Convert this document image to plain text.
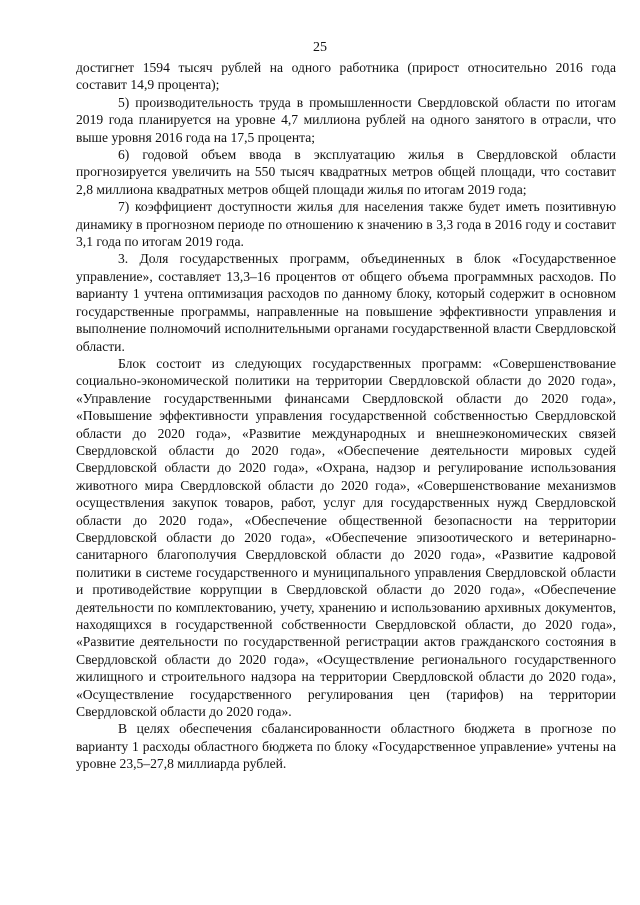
25

достигнет 1594 тысяч рублей на одного работника (прирост относительно 2016 года составит 14,9 процента);

5) производительность труда в промышленности Свердловской области по итогам 2019 года планируется на уровне 4,7 миллиона рублей на одного занятого в отрасли, что выше уровня 2016 года на 17,5 процента;

6) годовой объем ввода в эксплуатацию жилья в Свердловской области прогнозируется увеличить на 550 тысяч квадратных метров общей площади, что составит 2,8 миллиона квадратных метров общей площади жилья по итогам 2019 года;

7) коэффициент доступности жилья для населения также будет иметь позитивную динамику в прогнозном периоде по отношению к значению в 3,3 года в 2016 году и составит 3,1 года по итогам 2019 года.

3. Доля государственных программ, объединенных в блок «Государственное управление», составляет 13,3–16 процентов от общего объема программных расходов. По варианту 1 учтена оптимизация расходов по данному блоку, который содержит в основном государственные программы, направленные на повышение эффективности управления и выполнение полномочий исполнительными органами государственной власти Свердловской области.

Блок состоит из следующих государственных программ: «Совершенствование социально-экономической политики на территории Свердловской области до 2020 года», «Управление государственными финансами Свердловской области до 2020 года», «Повышение эффективности управления государственной собственностью Свердловской области до 2020 года», «Развитие международных и внешнеэкономических связей Свердловской области до 2020 года», «Обеспечение деятельности мировых судей Свердловской области до 2020 года», «Охрана, надзор и регулирование использования животного мира Свердловской области до 2020 года», «Совершенствование механизмов осуществления закупок товаров, работ, услуг для государственных нужд Свердловской области до 2020 года», «Обеспечение общественной безопасности на территории Свердловской области до 2020 года», «Обеспечение эпизоотического и ветеринарно-санитарного благополучия Свердловской области до 2020 года», «Развитие кадровой политики в системе государственного и муниципального управления Свердловской области и противодействие коррупции в Свердловской области до 2020 года», «Обеспечение деятельности по комплектованию, учету, хранению и использованию архивных документов, находящихся в государственной собственности Свердловской области, до 2020 года», «Развитие деятельности по государственной регистрации актов гражданского состояния в Свердловской области до 2020 года», «Осуществление регионального государственного жилищного и строительного надзора на территории Свердловской области до 2020 года», «Осуществление государственного регулирования цен (тарифов) на территории Свердловской области до 2020 года».

В целях обеспечения сбалансированности областного бюджета в прогнозе по варианту 1 расходы областного бюджета по блоку «Государственное управление» учтены на уровне 23,5–27,8 миллиарда рублей.
